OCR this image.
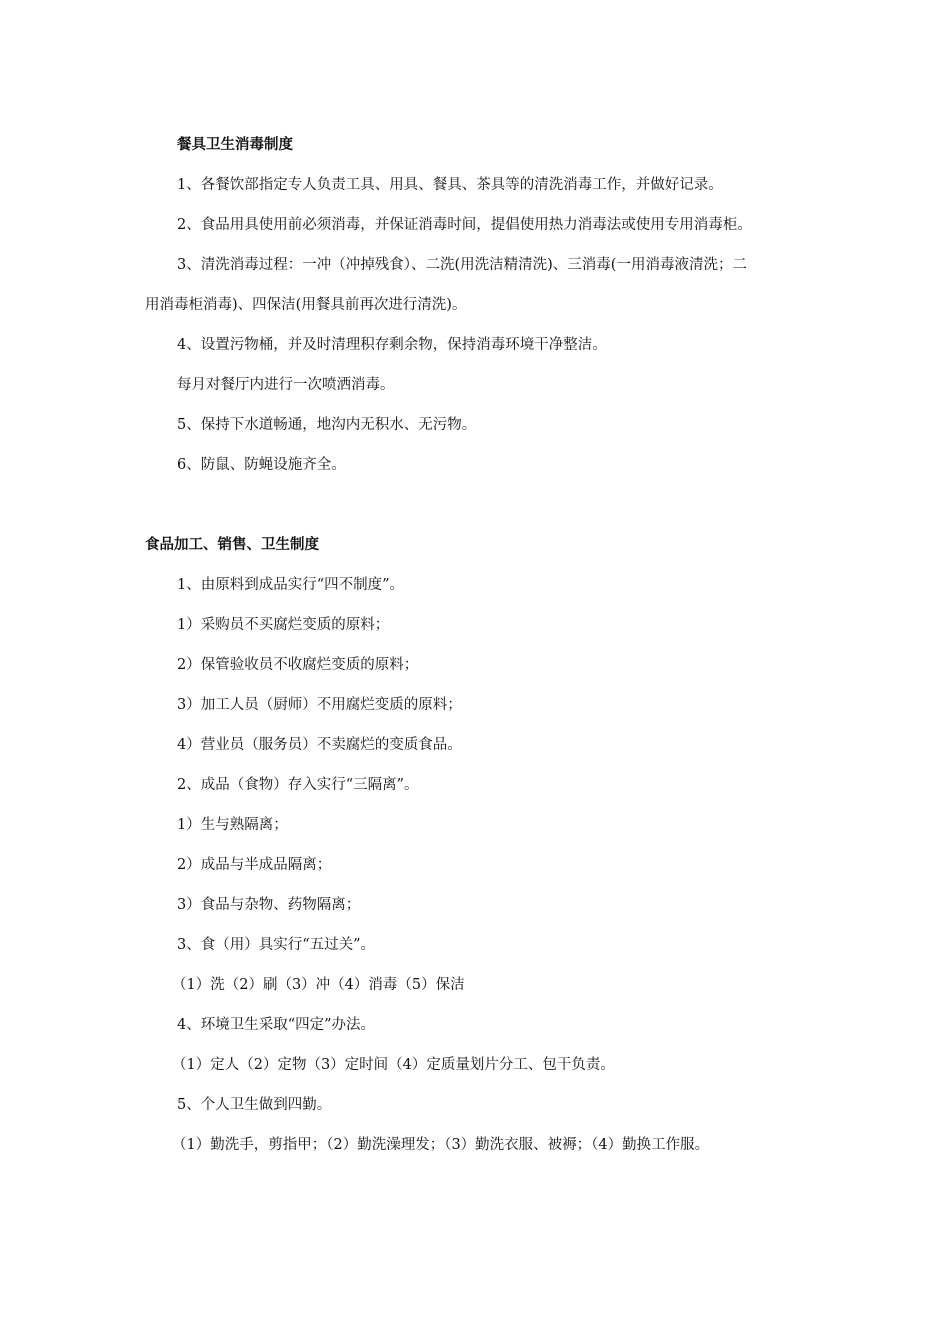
餐具卫生消毒制度
1、各餐饮部指定专人负责工具、用具、餐具、茶具等的清洗消毒工作，并做好记录。
2、食品用具使用前必须消毒，并保证消毒时间，提倡使用热力消毒法或使用专用消毒柜。
3、清洗消毒过程：一冲（冲掉残食）、二洗(用洗洁精清洗)、三消毒(一用消毒液清洗；二
用消毒柜消毒)、四保洁(用餐具前再次进行清洗)。
4、设置污物桶，并及时清理积存剩余物，保持消毒环境干净整洁。
每月对餐厅内进行一次喷洒消毒。
5、保持下水道畅通，地沟内无积水、无污物。
6、防鼠、防蝇设施齐全。
食品加工、销售、卫生制度
1、由原料到成品实行“四不制度”。
1）采购员不买腐烂变质的原料；
2）保管验收员不收腐烂变质的原料；
3）加工人员（厨师）不用腐烂变质的原料；
4）营业员（服务员）不卖腐烂的变质食品。
2、成品（食物）存入实行“三隔离”。
1）生与熟隔离；
2）成品与半成品隔离；
3）食品与杂物、药物隔离；
3、食（用）具实行“五过关”。
（1）洗（2）刷（3）冲（4）消毒（5）保洁
4、环境卫生采取“四定”办法。
（1）定人（2）定物（3）定时间（4）定质量划片分工、包干负责。
5、个人卫生做到四勤。
（1）勤洗手，剪指甲；（2）勤洗澡理发；（3）勤洗衣服、被褥；（4）勤换工作服。
